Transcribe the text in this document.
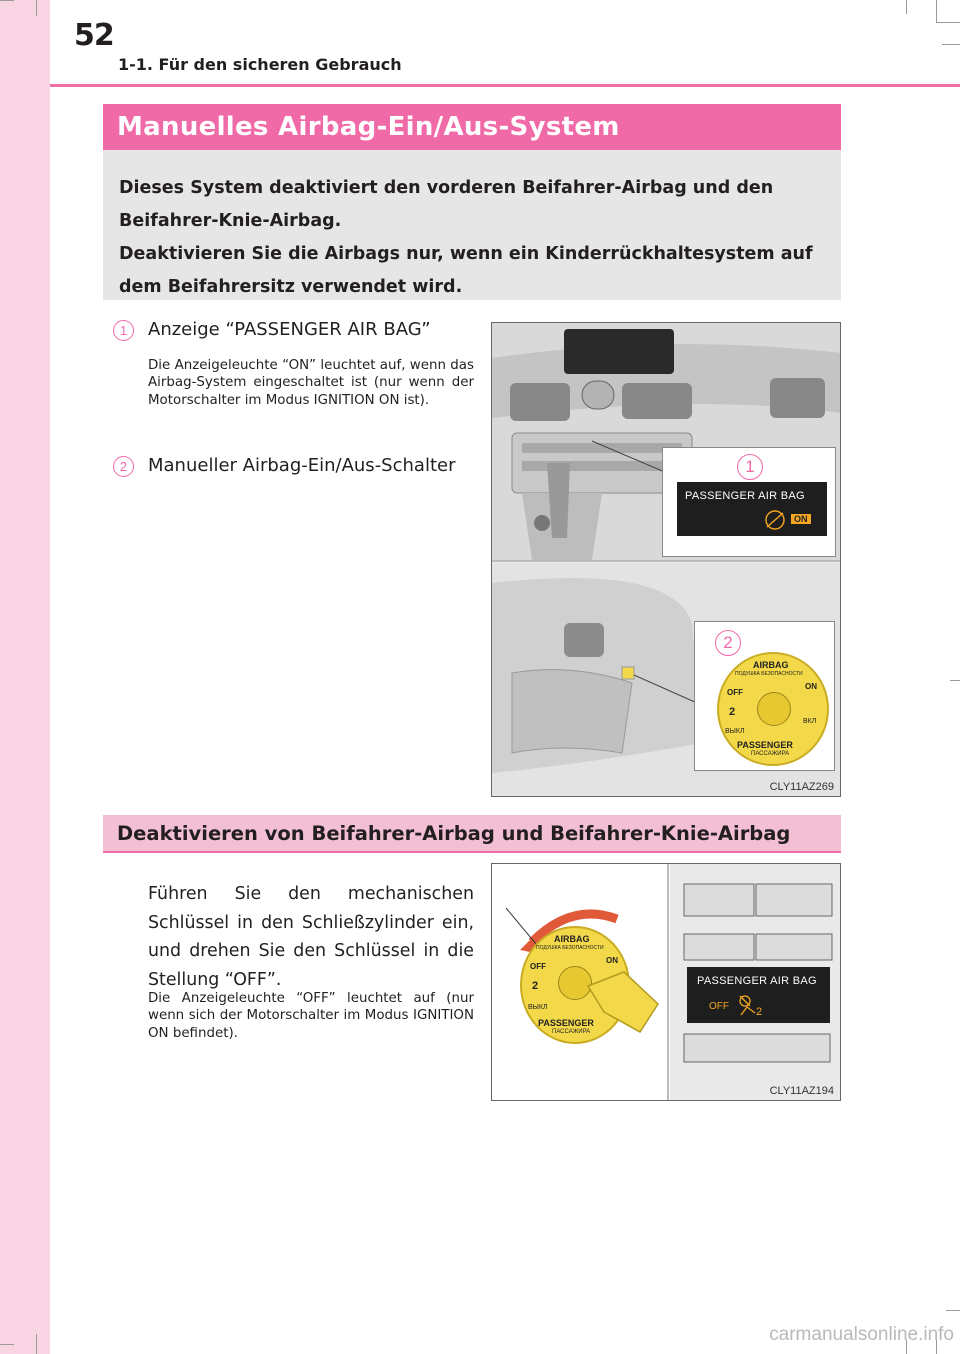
52
1-1. Für den sicheren Gebrauch
Manuelles Airbag-Ein/Aus-System

Dieses System deaktiviert den vorderen Beifahrer-Airbag und den Beifahrer-Knie-Airbag.

Deaktivieren Sie die Airbags nur, wenn ein Kinderrückhaltesystem auf dem Beifahrersitz verwendet wird.

1	Anzeige “PASSENGER AIR BAG”
Die Anzeigeleuchte “ON” leuchtet auf, wenn das Airbag-System eingeschaltet ist (nur wenn der Motorschalter im Modus IGNITION ON ist).
2	Manueller Airbag-Ein/Aus-Schalter	1
PASSENGER AIR BAG
ON
2
AIRBAG
ПОДУШКА БЕЗОПАСНОСТИ
OFF
ON
2
ВЫКЛ
ВКЛ
PASSENGER
ПАССАЖИРА
CLY11AZ269
Deaktivieren von Beifahrer-Airbag und Beifahrer-Knie-Airbag
Führen Sie den mechanischen Schlüssel in den Schließzylinder ein, und drehen Sie den Schlüssel in die Stellung “OFF”.
Die Anzeigeleuchte “OFF” leuchtet auf (nur wenn sich der Motorschalter im Modus IGNITION ON befindet).
AIRBAG
ПОДУШКА БЕЗОПАСНОСТИ
OFF
ON
2
ВЫКЛ
PASSENGER
ПАССАЖИРА
PASSENGER AIR BAG
OFF 2
CLY11AZ194
carmanualsonline.info
